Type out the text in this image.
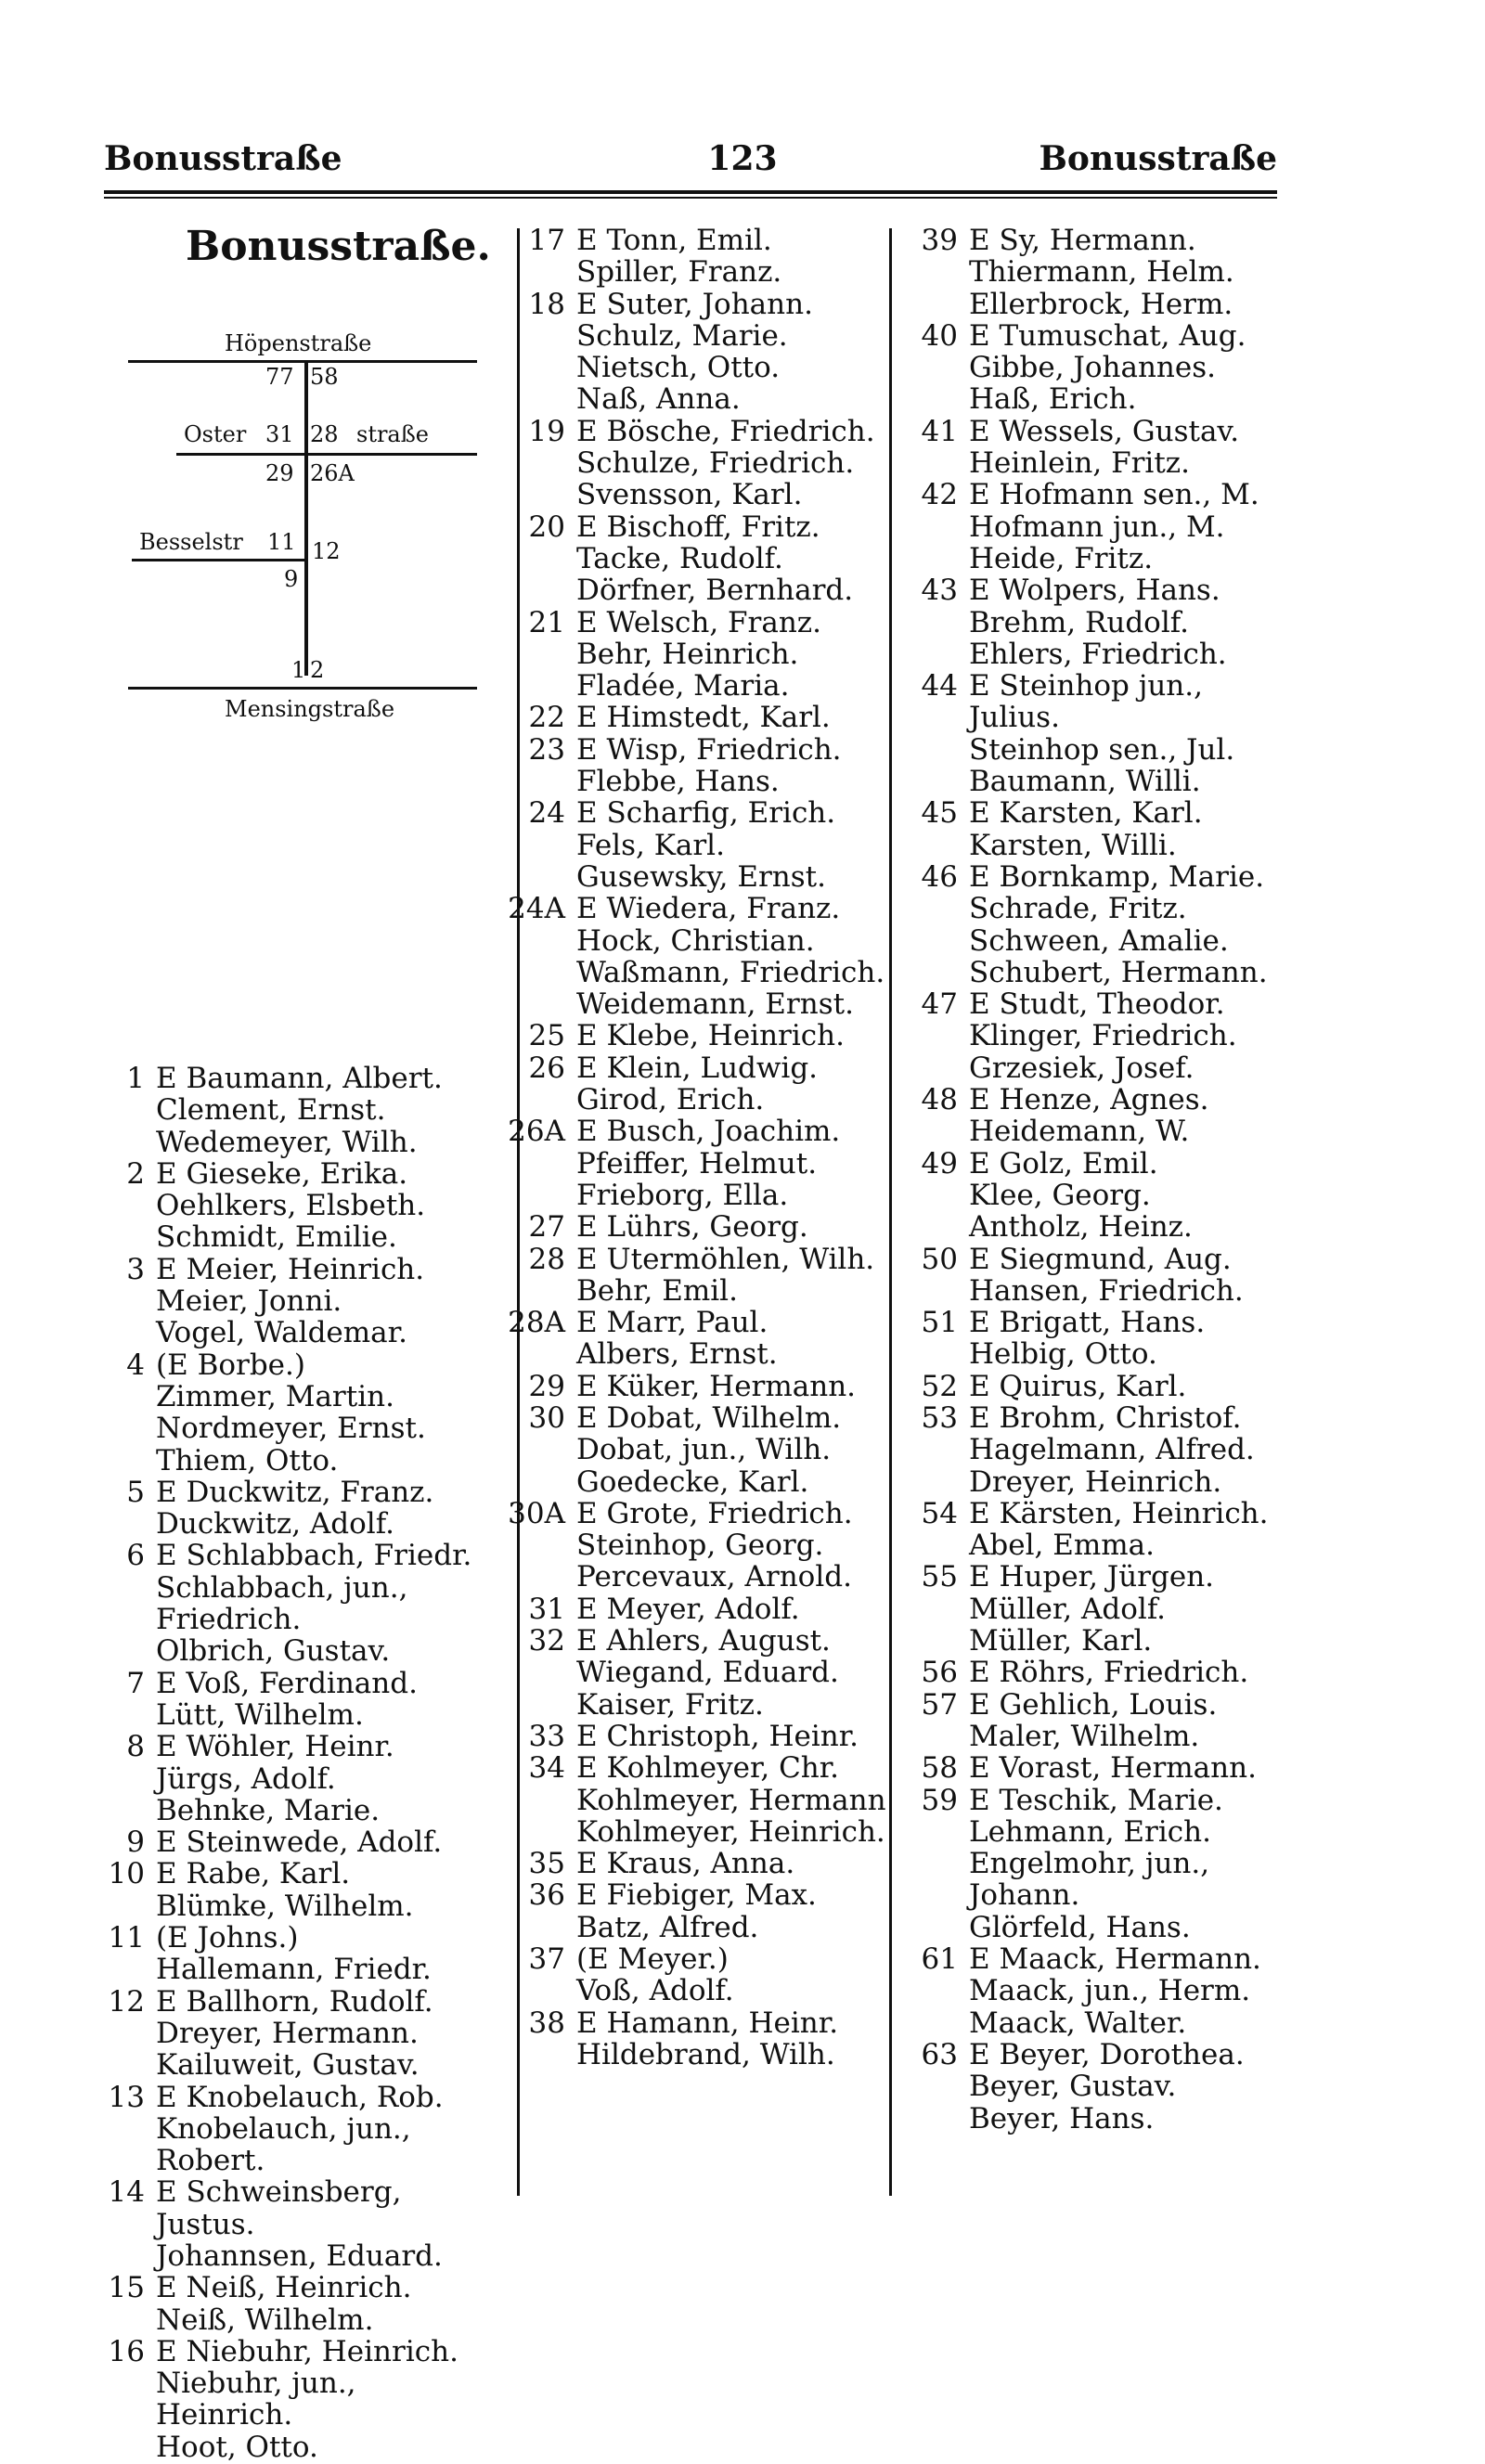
Bonusstraße	123	Bonusstraße
Bonusstraße.
Höpenstraße
77 58
Oster 31 28 straße
29 26A
Besselstr 11 12
9
1 2
Mensingstraße
1 E Baumann, Albert.
Clement, Ernst.
Wedemeyer, Wilh.
2 E Gieseke, Erika.
Oehlkers, Elsbeth.
Schmidt, Emilie.
3 E Meier, Heinrich.
Meier, Jonni.
Vogel, Waldemar.
4 (E Borbe.)
Zimmer, Martin.
Nordmeyer, Ernst.
Thiem, Otto.
5 E Duckwitz, Franz.
Duckwitz, Adolf.
6 E Schlabbach, Friedr.
Schlabbach, jun.,
Friedrich.
Olbrich, Gustav.
7 E Voß, Ferdinand.
Lütt, Wilhelm.
8 E Wöhler, Heinr.
Jürgs, Adolf.
Behnke, Marie.
9 E Steinwede, Adolf.
10 E Rabe, Karl.
Blümke, Wilhelm.
11 (E Johns.)
Hallemann, Friedr.
12 E Ballhorn, Rudolf.
Dreyer, Hermann.
Kailuweit, Gustav.
13 E Knobelauch, Rob.
Knobelauch, jun.,
Robert.
14 E Schweinsberg,
Justus.
Johannsen, Eduard.
15 E Neiß, Heinrich.
Neiß, Wilhelm.
16 E Niebuhr, Heinrich.
Niebuhr, jun.,
Heinrich.
Hoot, Otto.
17 E Tonn, Emil.
Spiller, Franz.
18 E Suter, Johann.
Schulz, Marie.
Nietsch, Otto.
Naß, Anna.
19 E Bösche, Friedrich.
Schulze, Friedrich.
Svensson, Karl.
20 E Bischoff, Fritz.
Tacke, Rudolf.
Dörfner, Bernhard.
21 E Welsch, Franz.
Behr, Heinrich.
Fladée, Maria.
22 E Himstedt, Karl.
23 E Wisp, Friedrich.
Flebbe, Hans.
24 E Scharfig, Erich.
Fels, Karl.
Gusewsky, Ernst.
24A E Wiedera, Franz.
Hock, Christian.
Waßmann, Friedrich.
Weidemann, Ernst.
25 E Klebe, Heinrich.
26 E Klein, Ludwig.
Girod, Erich.
26A E Busch, Joachim.
Pfeiffer, Helmut.
Frieborg, Ella.
27 E Lührs, Georg.
28 E Utermöhlen, Wilh.
Behr, Emil.
28A E Marr, Paul.
Albers, Ernst.
29 E Küker, Hermann.
30 E Dobat, Wilhelm.
Dobat, jun., Wilh.
Goedecke, Karl.
30A E Grote, Friedrich.
Steinhop, Georg.
Percevaux, Arnold.
31 E Meyer, Adolf.
32 E Ahlers, August.
Wiegand, Eduard.
Kaiser, Fritz.
33 E Christoph, Heinr.
34 E Kohlmeyer, Chr.
Kohlmeyer, Hermann
Kohlmeyer, Heinrich.
35 E Kraus, Anna.
36 E Fiebiger, Max.
Batz, Alfred.
37 (E Meyer.)
Voß, Adolf.
38 E Hamann, Heinr.
Hildebrand, Wilh.
39 E Sy, Hermann.
Thiermann, Helm.
Ellerbrock, Herm.
40 E Tumuschat, Aug.
Gibbe, Johannes.
Haß, Erich.
41 E Wessels, Gustav.
Heinlein, Fritz.
42 E Hofmann sen., M.
Hofmann jun., M.
Heide, Fritz.
43 E Wolpers, Hans.
Brehm, Rudolf.
Ehlers, Friedrich.
44 E Steinhop jun.,
Julius.
Steinhop sen., Jul.
Baumann, Willi.
45 E Karsten, Karl.
Karsten, Willi.
46 E Bornkamp, Marie.
Schrade, Fritz.
Schween, Amalie.
Schubert, Hermann.
47 E Studt, Theodor.
Klinger, Friedrich.
Grzesiek, Josef.
48 E Henze, Agnes.
Heidemann, W.
49 E Golz, Emil.
Klee, Georg.
Antholz, Heinz.
50 E Siegmund, Aug.
Hansen, Friedrich.
51 E Brigatt, Hans.
Helbig, Otto.
52 E Quirus, Karl.
53 E Brohm, Christof.
Hagelmann, Alfred.
Dreyer, Heinrich.
54 E Kärsten, Heinrich.
Abel, Emma.
55 E Huper, Jürgen.
Müller, Adolf.
Müller, Karl.
56 E Röhrs, Friedrich.
57 E Gehlich, Louis.
Maler, Wilhelm.
58 E Vorast, Hermann.
59 E Teschik, Marie.
Lehmann, Erich.
Engelmohr, jun.,
Johann.
Glörfeld, Hans.
61 E Maack, Hermann.
Maack, jun., Herm.
Maack, Walter.
63 E Beyer, Dorothea.
Beyer, Gustav.
Beyer, Hans.
